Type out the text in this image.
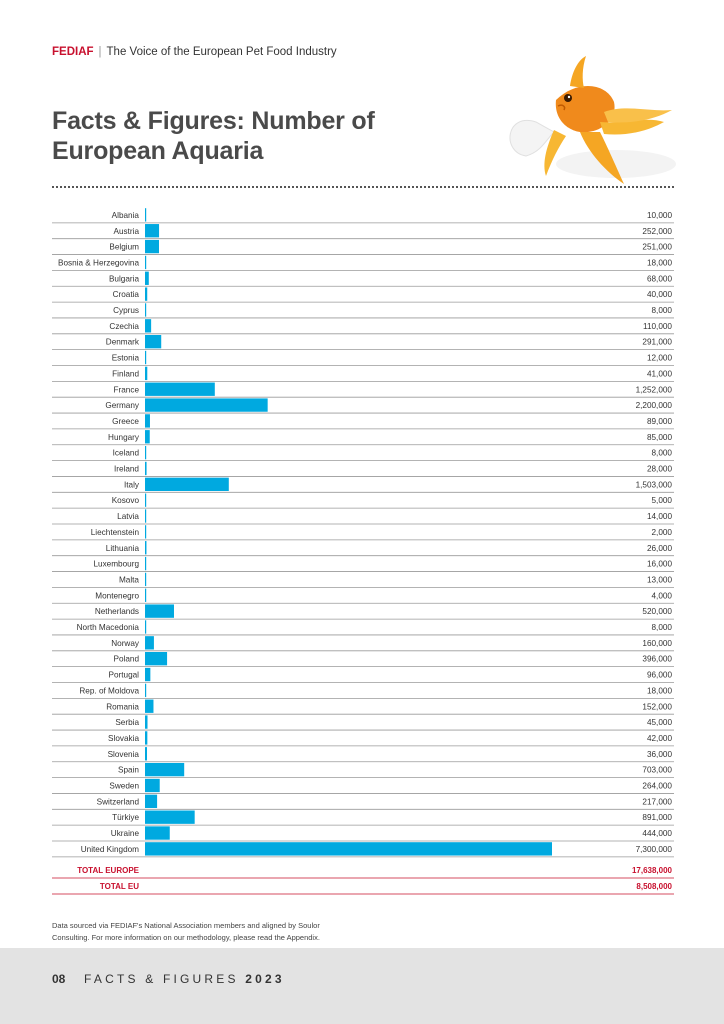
FEDIAF | The Voice of the European Pet Food Industry
Facts & Figures: Number of European Aquaria
Albania	10,000
Austria	252,000
Belgium	251,000
Bosnia & Herzegovina	18,000
Bulgaria	68,000
Croatia	40,000
Cyprus	8,000
Czechia	110,000
Denmark	291,000
Estonia	12,000
Finland	41,000
France	1,252,000
Germany	2,200,000
Greece	89,000
Hungary	85,000
Iceland	8,000
Ireland	28,000
Italy	1,503,000
Kosovo	5,000
Latvia	14,000
Liechtenstein	2,000
Lithuania	26,000
Luxembourg	16,000
Malta	13,000
Montenegro	4,000
Netherlands	520,000
North Macedonia	8,000
Norway	160,000
Poland	396,000
Portugal	96,000
Rep. of Moldova	18,000
Romania	152,000
Serbia	45,000
Slovakia	42,000
Slovenia	36,000
Spain	703,000
Sweden	264,000
Switzerland	217,000
Türkiye	891,000
Ukraine	444,000
United Kingdom	7,300,000
TOTAL EUROPE	17,638,000
TOTAL EU	8,508,000
Data sourced via FEDIAF's National Association members and aligned by Soulor Consulting. For more information on our methodology, please read the Appendix.
08 FACTS & FIGURES 2023
